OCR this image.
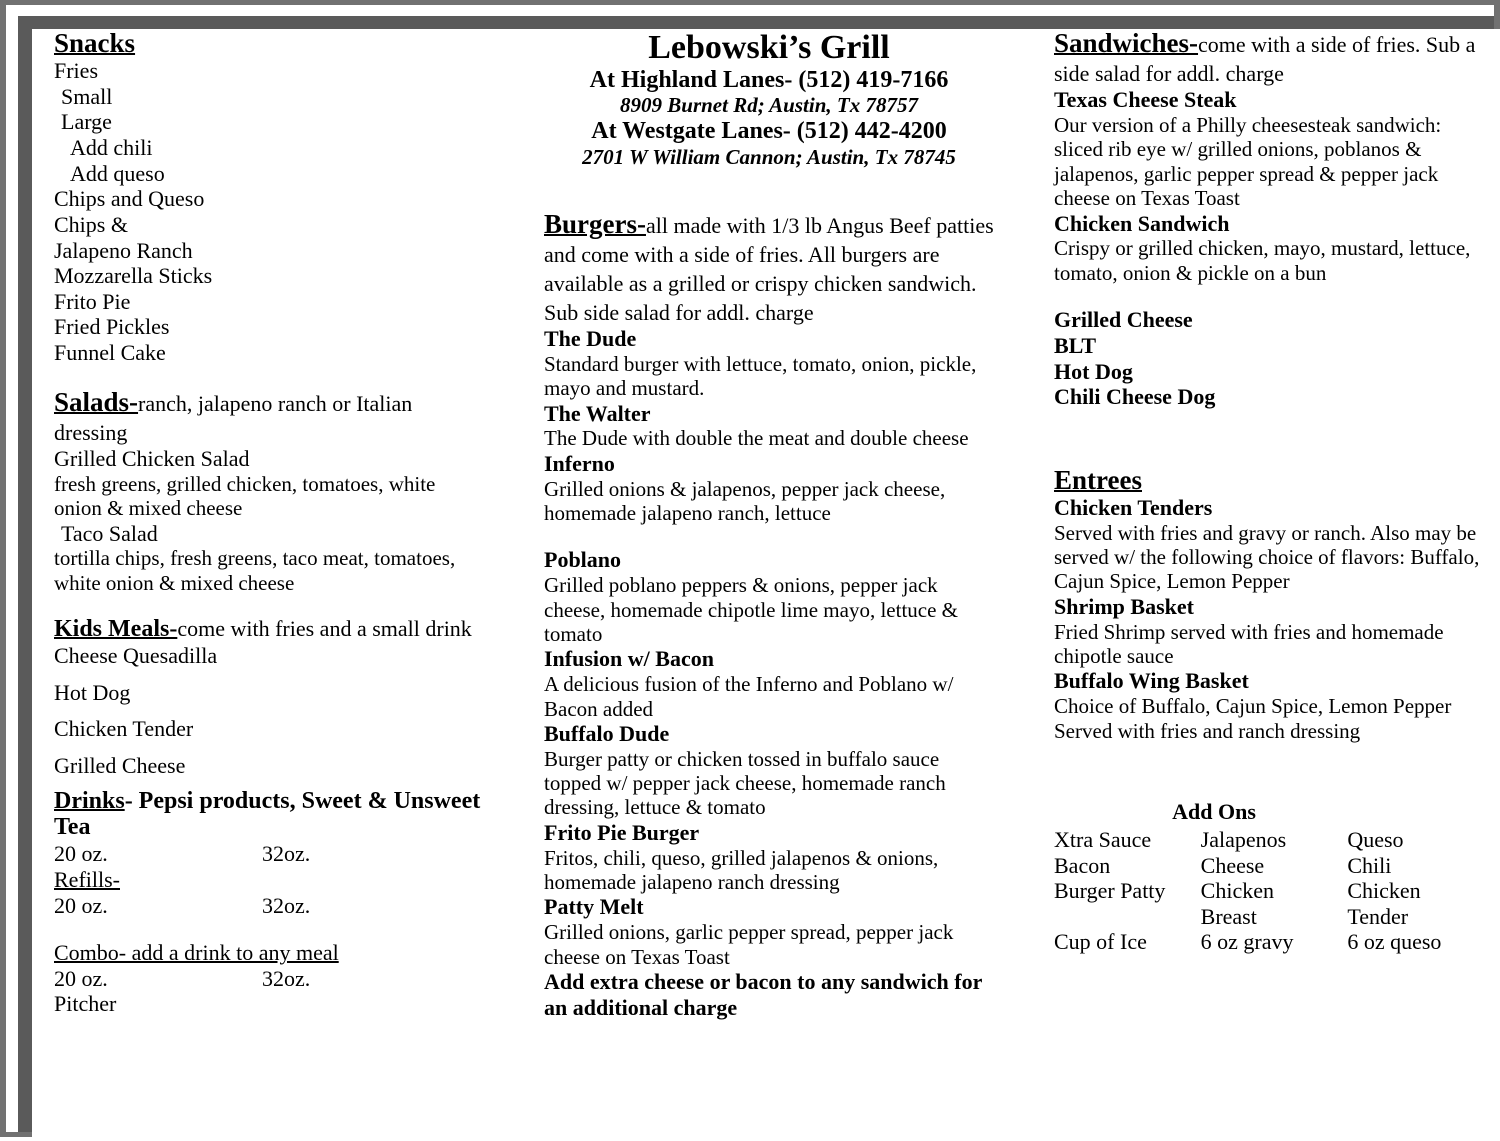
Snacks
Fries
Small
Large
Add chili
Add queso
Chips and Queso
Chips &
Jalapeno Ranch
Mozzarella Sticks
Frito Pie
Fried Pickles
Funnel Cake
Salads-ranch, jalapeno ranch or Italian dressing
Grilled Chicken Salad
fresh greens, grilled chicken, tomatoes, white onion & mixed cheese
Taco Salad
tortilla chips, fresh greens, taco meat, tomatoes, white onion & mixed cheese
Kids Meals-come with fries and a small drink
Cheese Quesadilla
Hot Dog
Chicken Tender
Grilled Cheese
Drinks- Pepsi products, Sweet & Unsweet Tea
20 oz.	32oz.
Refills-
20 oz.	32oz.
Combo- add a drink to any meal
20 oz.	32oz.
Pitcher
Lebowski’s Grill
At Highland Lanes- (512) 419-7166
8909 Burnet Rd; Austin, Tx 78757
At Westgate Lanes- (512) 442-4200
2701 W William Cannon; Austin, Tx 78745
Burgers-all made with 1/3 lb Angus Beef patties and come with a side of fries. All burgers are available as a grilled or crispy chicken sandwich. Sub side salad for addl. charge
The Dude
Standard burger with lettuce, tomato, onion, pickle, mayo and mustard.
The Walter
The Dude with double the meat and double cheese
Inferno
Grilled onions & jalapenos, pepper jack cheese, homemade jalapeno ranch, lettuce
Poblano
Grilled poblano peppers & onions, pepper jack cheese, homemade chipotle lime mayo, lettuce & tomato
Infusion w/ Bacon
A delicious fusion of the Inferno and Poblano w/ Bacon added
Buffalo Dude
Burger patty or chicken tossed in buffalo sauce topped w/ pepper jack cheese, homemade ranch dressing, lettuce & tomato
Frito Pie Burger
Fritos, chili, queso, grilled jalapenos & onions, homemade jalapeno ranch dressing
Patty Melt
Grilled onions, garlic pepper spread, pepper jack cheese on Texas Toast
Add extra cheese or bacon to any sandwich for an additional charge
Sandwiches-come with a side of fries. Sub a side salad for addl. charge
Texas Cheese Steak
Our version of a Philly cheesesteak sandwich: sliced rib eye w/ grilled onions, poblanos & jalapenos, garlic pepper spread & pepper jack cheese on Texas Toast
Chicken Sandwich
Crispy or grilled chicken, mayo, mustard, lettuce, tomato, onion & pickle on a bun
Grilled Cheese
BLT
Hot Dog
Chili Cheese Dog
Entrees
Chicken Tenders
Served with fries and gravy or ranch. Also may be served w/ the following choice of flavors: Buffalo, Cajun Spice, Lemon Pepper
Shrimp Basket
Fried Shrimp served with fries and homemade chipotle sauce
Buffalo Wing Basket
Choice of Buffalo, Cajun Spice, Lemon Pepper Served with fries and ranch dressing
Add Ons
Xtra Sauce	Jalapenos	Queso
Bacon	Cheese	Chili
Burger Patty	Chicken	Chicken
	Breast	Tender
Cup of Ice	6 oz gravy	6 oz queso
